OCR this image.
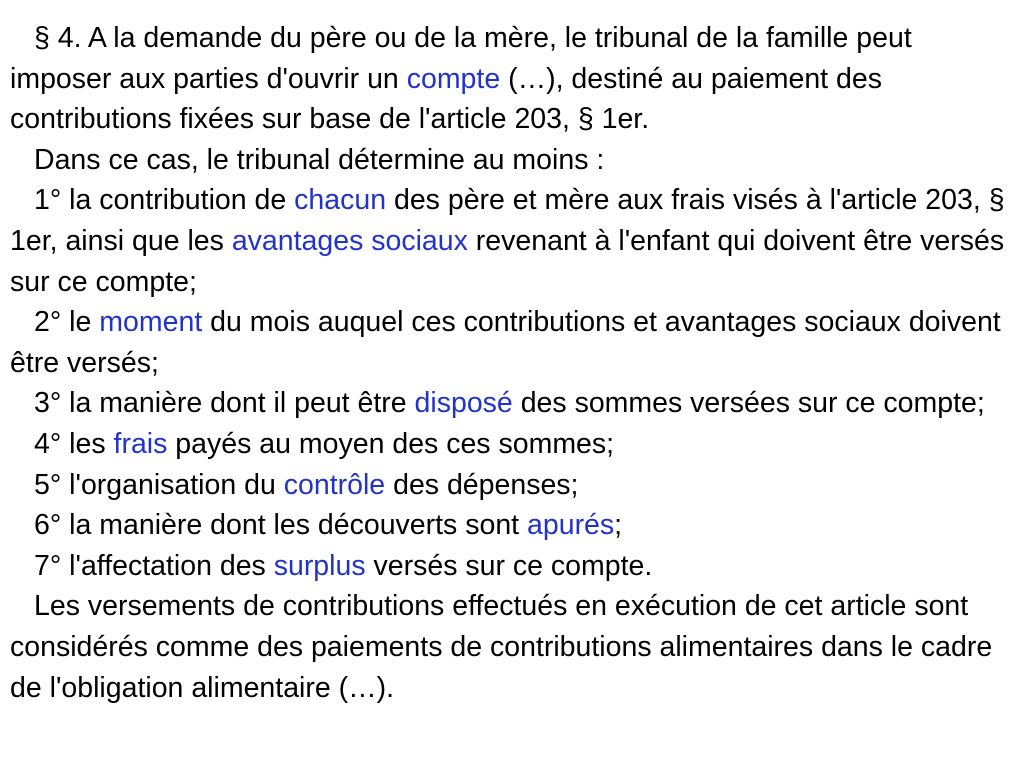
§ 4. A la demande du père ou de la mère, le tribunal de la famille peut imposer aux parties d'ouvrir un compte (…), destiné au paiement des contributions fixées sur base de l'article 203, § 1er.

Dans ce cas, le tribunal détermine au moins :

1° la contribution de chacun des père et mère aux frais visés à l'article 203, § 1er, ainsi que les avantages sociaux revenant à l'enfant qui doivent être versés sur ce compte;

2° le moment du mois auquel ces contributions et avantages sociaux doivent être versés;

3° la manière dont il peut être disposé des sommes versées sur ce compte;

4° les frais payés au moyen des ces sommes;

5° l'organisation du contrôle des dépenses;

6° la manière dont les découverts sont apurés;

7° l'affectation des surplus versés sur ce compte.

Les versements de contributions effectués en exécution de cet article sont considérés comme des paiements de contributions alimentaires dans le cadre de l'obligation alimentaire (…).
